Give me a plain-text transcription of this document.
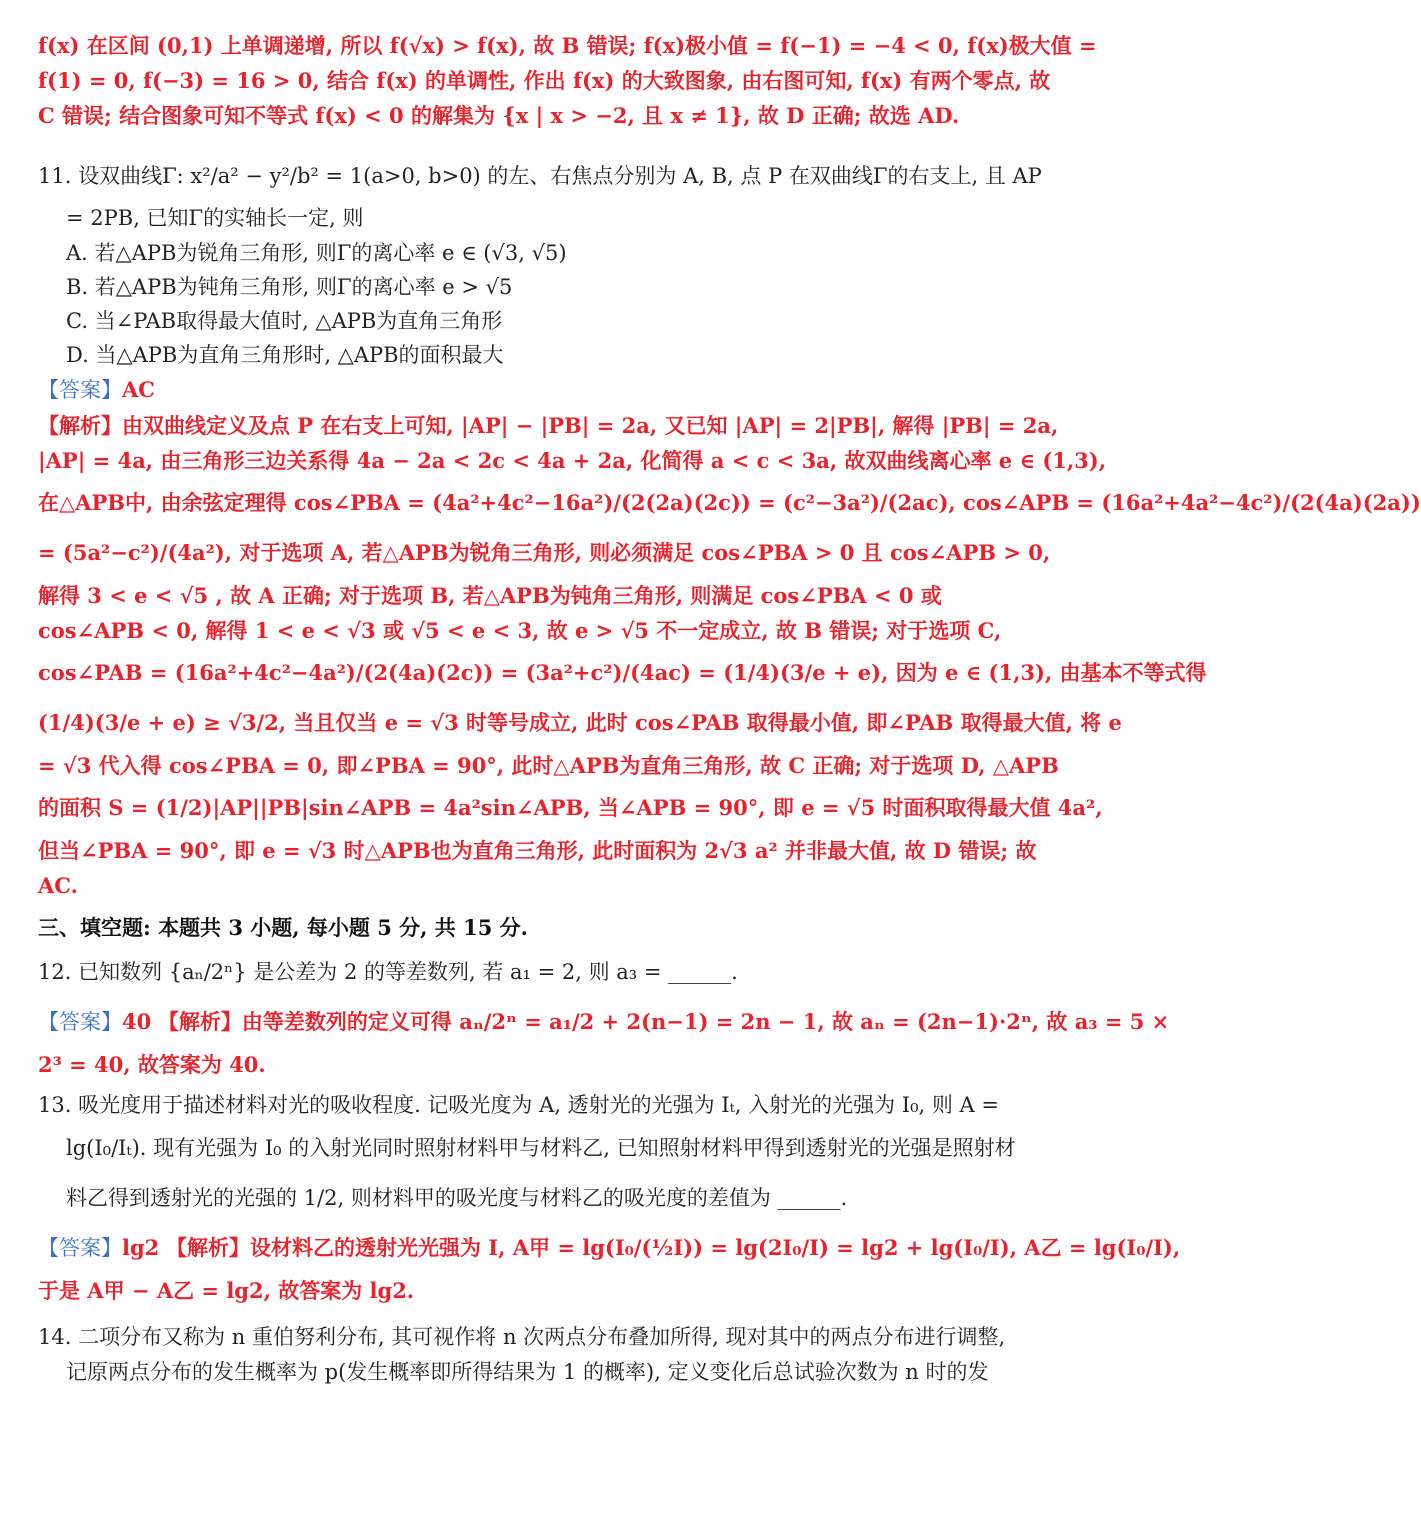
f(x) 在区间 (0,1) 上单调递增, 所以 f(√x) > f(x), 故 B 错误; f(x)极小值 = f(−1) = −4 < 0, f(x)极大值 =

f(1) = 0, f(−3) = 16 > 0, 结合 f(x) 的单调性, 作出 f(x) 的大致图象, 由右图可知, f(x) 有两个零点, 故

C 错误; 结合图象可知不等式 f(x) < 0 的解集为 {x | x > −2, 且 x ≠ 1}, 故 D 正确; 故选 AD.

11. 设双曲线Γ: x²/a² − y²/b² = 1(a>0, b>0) 的左、右焦点分别为 A, B, 点 P 在双曲线Γ的右支上, 且 AP

= 2PB, 已知Γ的实轴长一定, 则

A. 若△APB为锐角三角形, 则Γ的离心率 e ∈ (√3, √5)

B. 若△APB为钝角三角形, 则Γ的离心率 e > √5

C. 当∠PAB取得最大值时, △APB为直角三角形

D. 当△APB为直角三角形时, △APB的面积最大

【答案】AC

【解析】由双曲线定义及点 P 在右支上可知, |AP| − |PB| = 2a, 又已知 |AP| = 2|PB|, 解得 |PB| = 2a,

|AP| = 4a, 由三角形三边关系得 4a − 2a < 2c < 4a + 2a, 化简得 a < c < 3a, 故双曲线离心率 e ∈ (1,3),

在△APB中, 由余弦定理得 cos∠PBA = (4a²+4c²−16a²)/(2(2a)(2c)) = (c²−3a²)/(2ac), cos∠APB = (16a²+4a²−4c²)/(2(4a)(2a))

= (5a²−c²)/(4a²), 对于选项 A, 若△APB为锐角三角形, 则必须满足 cos∠PBA > 0 且 cos∠APB > 0,

解得 3 < e < √5 , 故 A 正确; 对于选项 B, 若△APB为钝角三角形, 则满足 cos∠PBA < 0 或

cos∠APB < 0, 解得 1 < e < √3 或 √5 < e < 3, 故 e > √5 不一定成立, 故 B 错误; 对于选项 C,

cos∠PAB = (16a²+4c²−4a²)/(2(4a)(2c)) = (3a²+c²)/(4ac) = (1/4)(3/e + e), 因为 e ∈ (1,3), 由基本不等式得

(1/4)(3/e + e) ≥ √3/2, 当且仅当 e = √3 时等号成立, 此时 cos∠PAB 取得最小值, 即∠PAB 取得最大值, 将 e

= √3 代入得 cos∠PBA = 0, 即∠PBA = 90°, 此时△APB为直角三角形, 故 C 正确; 对于选项 D, △APB

的面积 S = (1/2)|AP||PB|sin∠APB = 4a²sin∠APB, 当∠APB = 90°, 即 e = √5 时面积取得最大值 4a²,

但当∠PBA = 90°, 即 e = √3 时△APB也为直角三角形, 此时面积为 2√3 a² 并非最大值, 故 D 错误; 故

AC.

三、填空题: 本题共 3 小题, 每小题 5 分, 共 15 分.

12. 已知数列 {aₙ/2ⁿ} 是公差为 2 的等差数列, 若 a₁ = 2, 则 a₃ = ______.

【答案】40 【解析】由等差数列的定义可得 aₙ/2ⁿ = a₁/2 + 2(n−1) = 2n − 1, 故 aₙ = (2n−1)·2ⁿ, 故 a₃ = 5 ×

2³ = 40, 故答案为 40.

13. 吸光度用于描述材料对光的吸收程度. 记吸光度为 A, 透射光的光强为 Iₜ, 入射光的光强为 I₀, 则 A =

lg(I₀/Iₜ). 现有光强为 I₀ 的入射光同时照射材料甲与材料乙, 已知照射材料甲得到透射光的光强是照射材

料乙得到透射光的光强的 1/2, 则材料甲的吸光度与材料乙的吸光度的差值为 ______.

【答案】lg2 【解析】设材料乙的透射光光强为 I, A甲 = lg(I₀/(½I)) = lg(2I₀/I) = lg2 + lg(I₀/I), A乙 = lg(I₀/I),

于是 A甲 − A乙 = lg2, 故答案为 lg2.

14. 二项分布又称为 n 重伯努利分布, 其可视作将 n 次两点分布叠加所得, 现对其中的两点分布进行调整,

记原两点分布的发生概率为 p(发生概率即所得结果为 1 的概率), 定义变化后总试验次数为 n 时的发
